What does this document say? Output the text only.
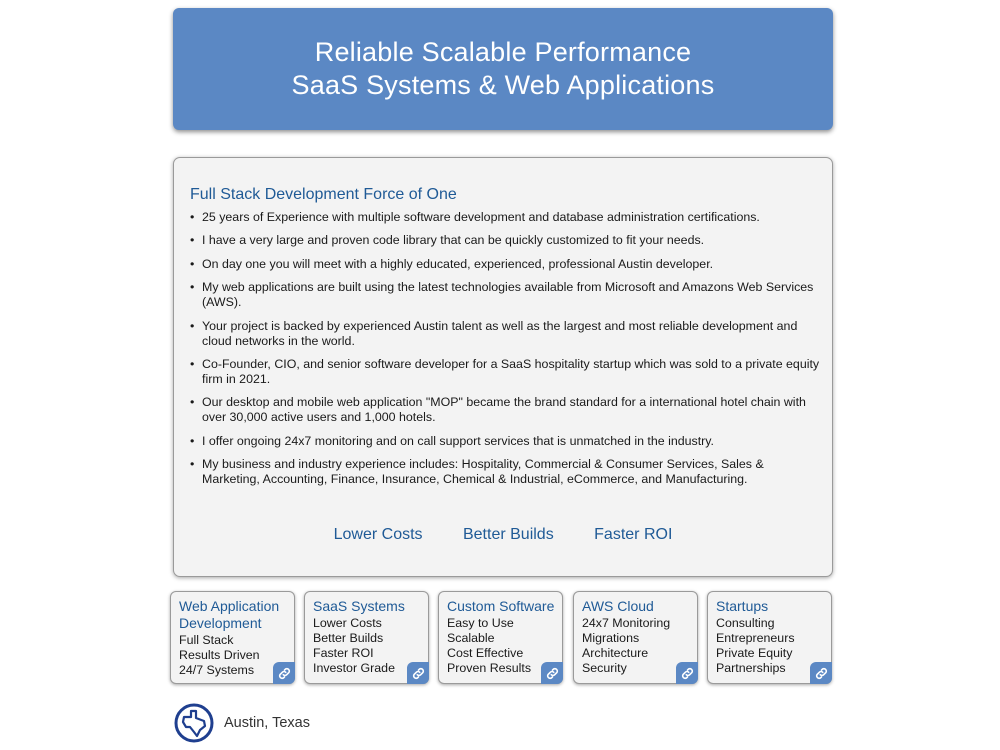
Reliable Scalable Performance
SaaS Systems & Web Applications
Full Stack Development Force of One
• 25 years of Experience with multiple software development and database administration certifications.
• I have a very large and proven code library that can be quickly customized to fit your needs.
• On day one you will meet with a highly educated, experienced, professional Austin developer.
• My web applications are built using the latest technologies available from Microsoft and Amazons Web Services (AWS).
• Your project is backed by experienced Austin talent as well as the largest and most reliable development and cloud networks in the world.
• Co-Founder, CIO, and senior software developer for a SaaS hospitality startup which was sold to a private equity firm in 2021.
• Our desktop and mobile web application "MOP" became the brand standard for a international hotel chain with over 30,000 active users and 1,000 hotels.
• I offer ongoing 24x7 monitoring and on call support services that is unmatched in the industry.
• My business and industry experience includes: Hospitality, Commercial & Consumer Services, Sales & Marketing, Accounting, Finance, Insurance, Chemical & Industrial, eCommerce, and Manufacturing.
Lower Costs	Better Builds	Faster ROI
Web Application Development
Full Stack
Results Driven
24/7 Systems
SaaS Systems
Lower Costs
Better Builds
Faster ROI
Investor Grade
Custom Software
Easy to Use
Scalable
Cost Effective
Proven Results
AWS Cloud
24x7 Monitoring
Migrations
Architecture
Security
Startups
Consulting
Entrepreneurs
Private Equity
Partnerships
Austin, Texas
